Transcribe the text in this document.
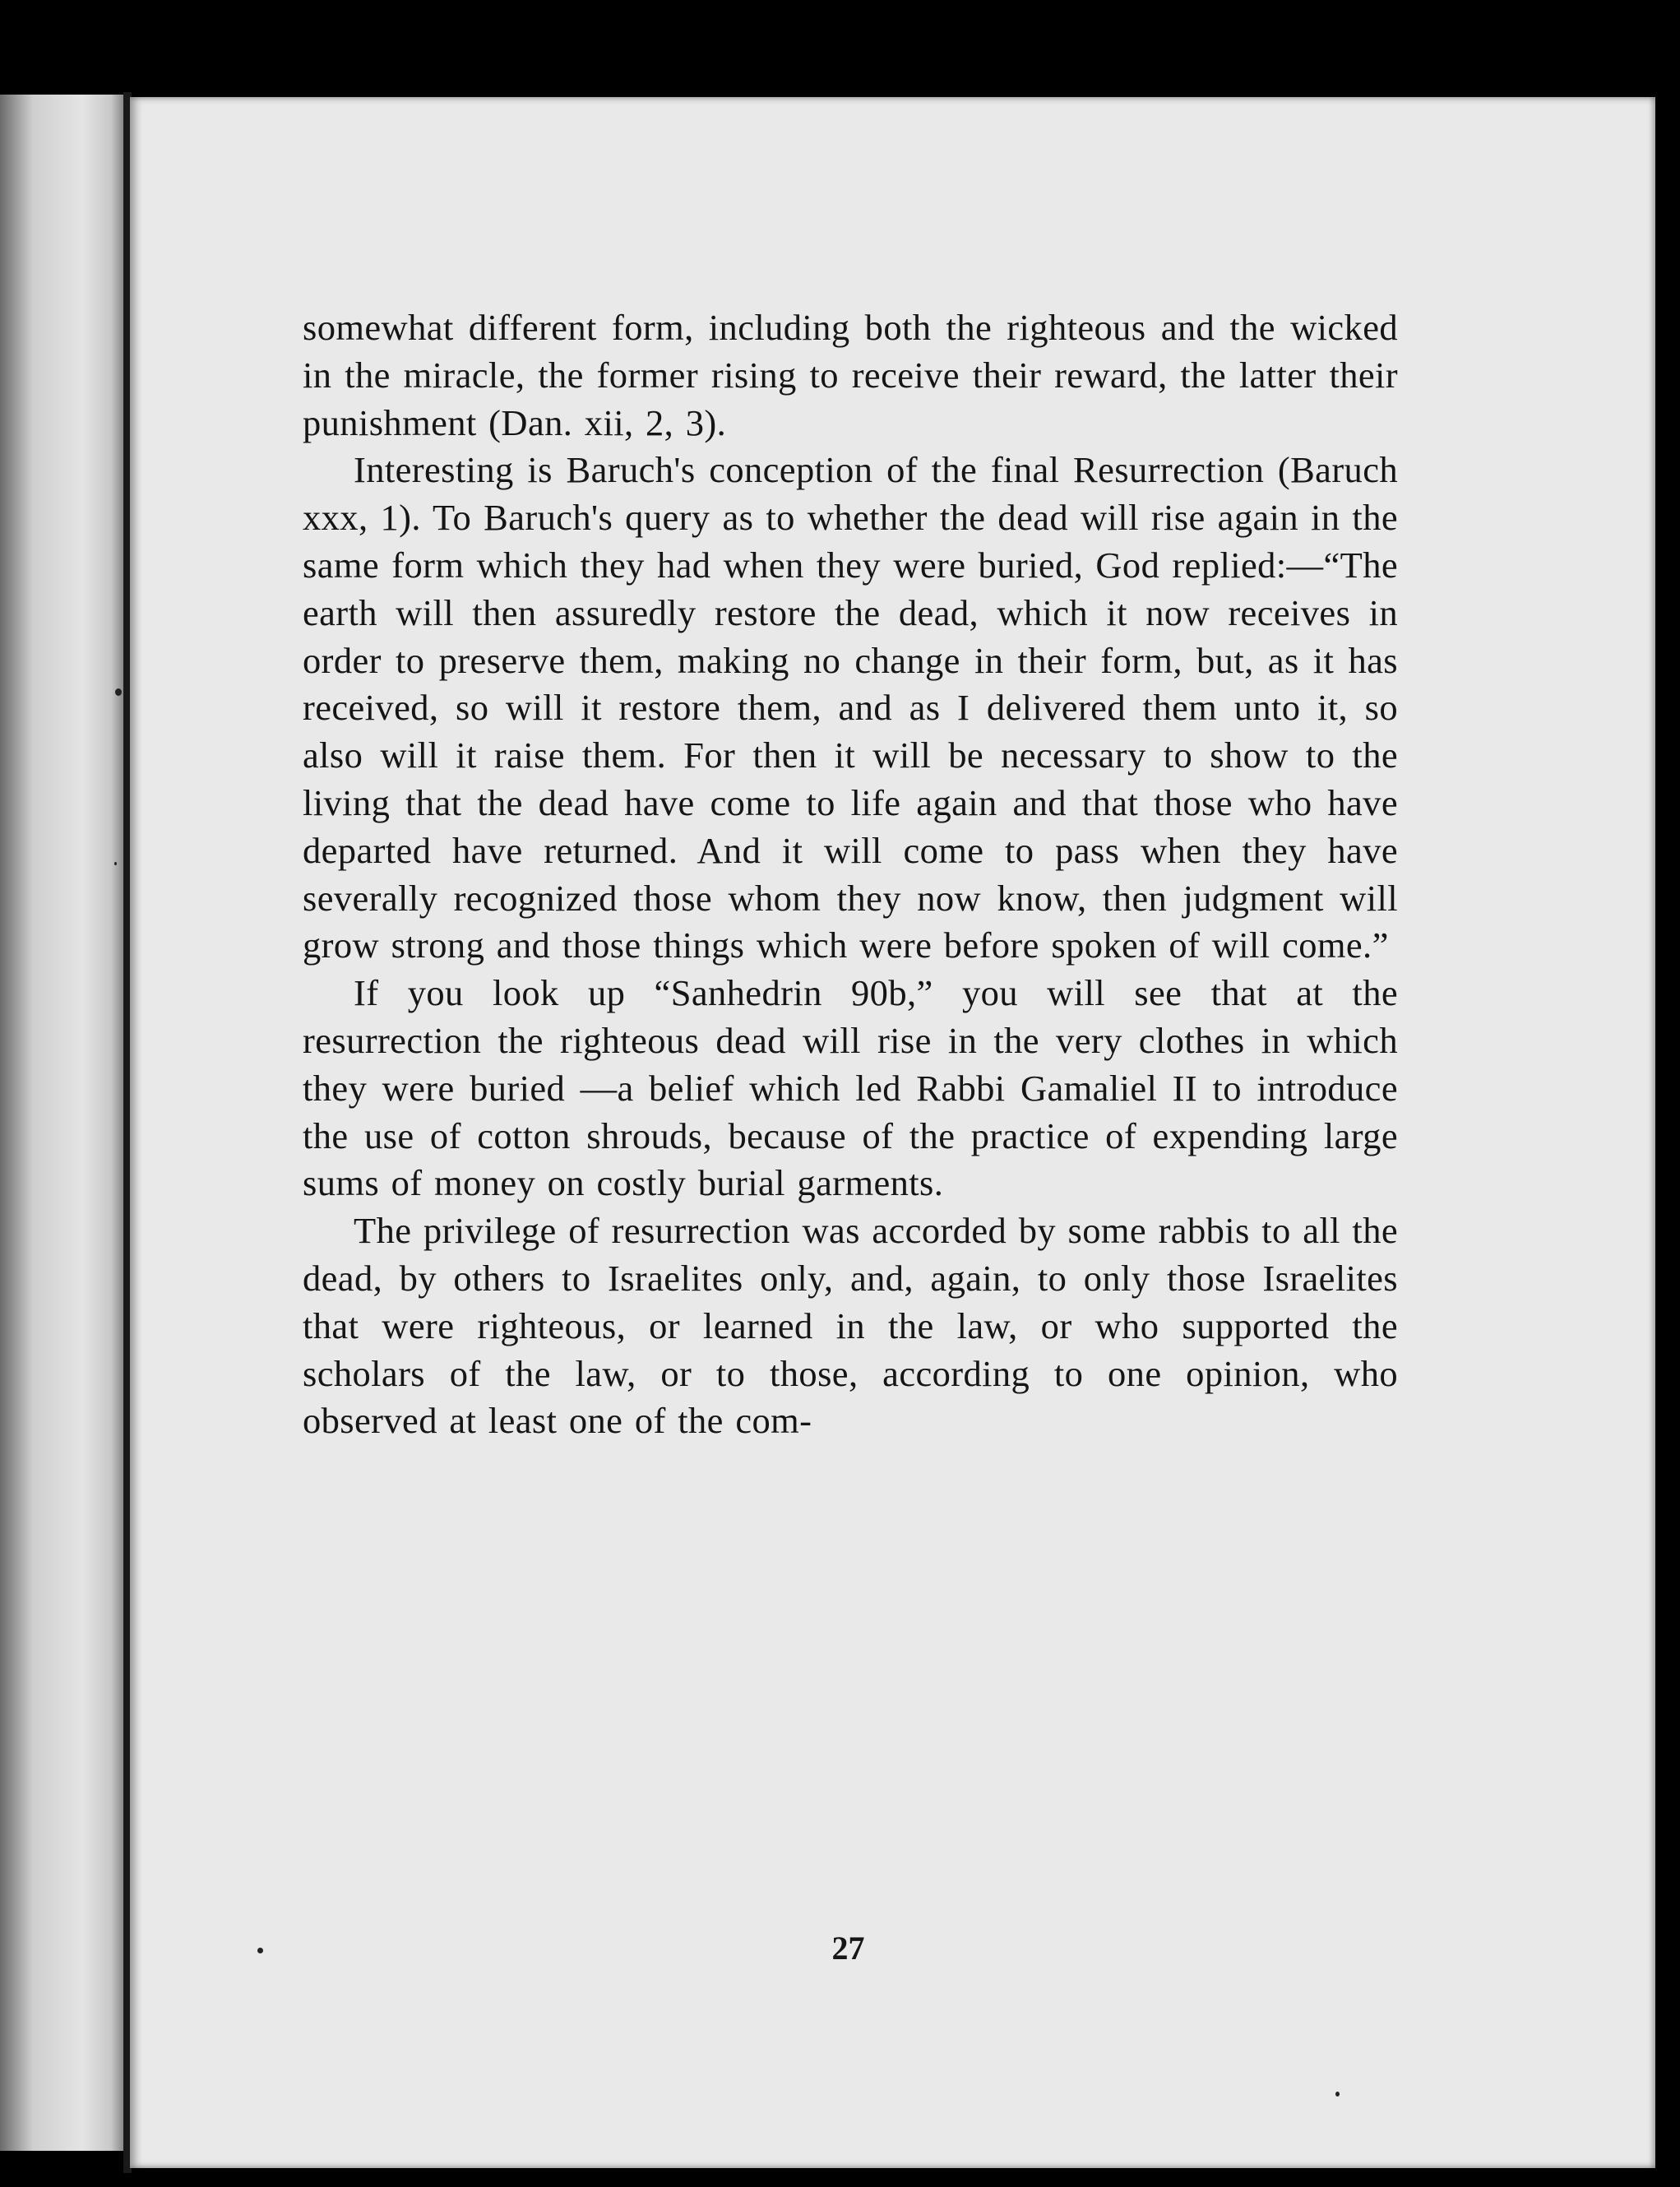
somewhat different form, including both the righteous and the wicked in the miracle, the former rising to receive their reward, the latter their punishment (Dan. xii, 2, 3).

Interesting is Baruch's conception of the final Resurrection (Baruch xxx, 1). To Baruch's query as to whether the dead will rise again in the same form which they had when they were buried, God replied:—“The earth will then assuredly restore the dead, which it now receives in order to preserve them, making no change in their form, but, as it has received, so will it restore them, and as I delivered them unto it, so also will it raise them. For then it will be necessary to show to the living that the dead have come to life again and that those who have departed have returned. And it will come to pass when they have severally recognized those whom they now know, then judgment will grow strong and those things which were before spoken of will come.”

If you look up “Sanhedrin 90b,” you will see that at the resurrection the righteous dead will rise in the very clothes in which they were buried —a belief which led Rabbi Gamaliel II to introduce the use of cotton shrouds, because of the practice of expending large sums of money on costly burial garments.

The privilege of resurrection was accorded by some rabbis to all the dead, by others to Israelites only, and, again, to only those Israelites that were righteous, or learned in the law, or who supported the scholars of the law, or to those, according to one opinion, who observed at least one of the com-

27
